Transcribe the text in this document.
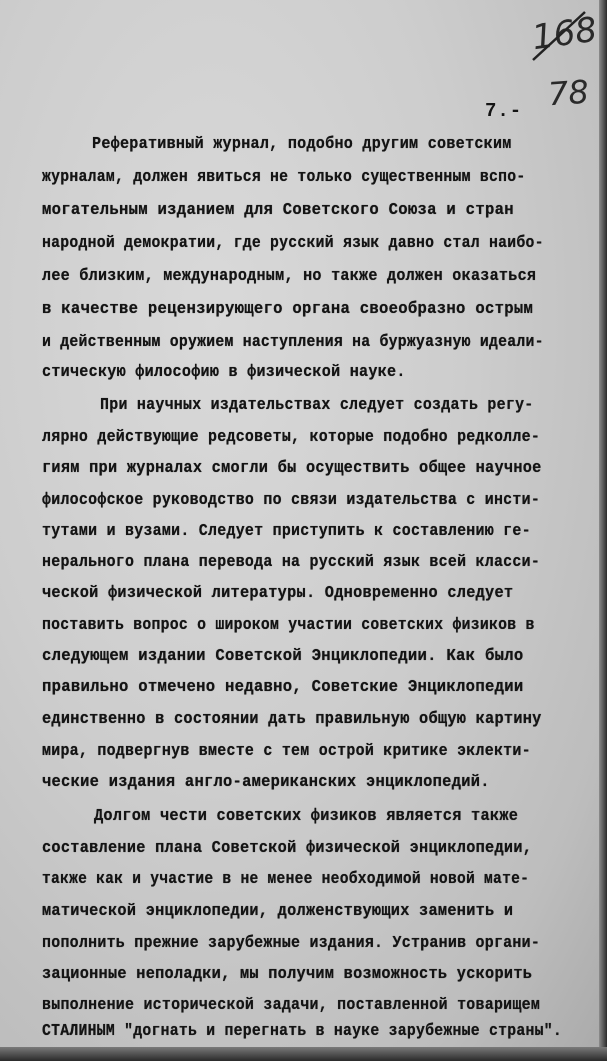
168
78
7.-
Реферативный журнал, подобно другим советским
журналам, должен явиться не только существенным вспо-
могательным изданием для Советского Союза и стран
народной демократии, где русский язык давно стал наибо-
лее близким, международным, но также должен оказаться
в качестве рецензирующего органа своеобразно острым
и действенным оружием наступления на буржуазную идеали-
стическую философию в физической науке.
При научных издательствах следует создать регу-
лярно действующие редсоветы, которые подобно редколле-
гиям при журналах смогли бы осуществить общее научное
философское руководство по связи издательства с инсти-
тутами и вузами. Следует приступить к составлению ге-
нерального плана перевода на русский язык всей класси-
ческой физической литературы. Одновременно следует
поставить вопрос о широком участии советских физиков в
следующем издании Советской Энциклопедии. Как было
правильно отмечено недавно, Советские Энциклопедии
единственно в состоянии дать правильную общую картину
мира, подвергнув вместе с тем острой критике эклекти-
ческие издания англо-американских энциклопедий.
Долгом чести советских физиков является также
составление плана Советской физической энциклопедии,
также как и участие в не менее необходимой новой мате-
матической энциклопедии, долженствующих заменить и
пополнить прежние зарубежные издания. Устранив органи-
зационные неполадки, мы получим возможность ускорить
выполнение исторической задачи, поставленной товарищем
СТАЛИНЫМ "догнать и перегнать в науке зарубежные страны".
